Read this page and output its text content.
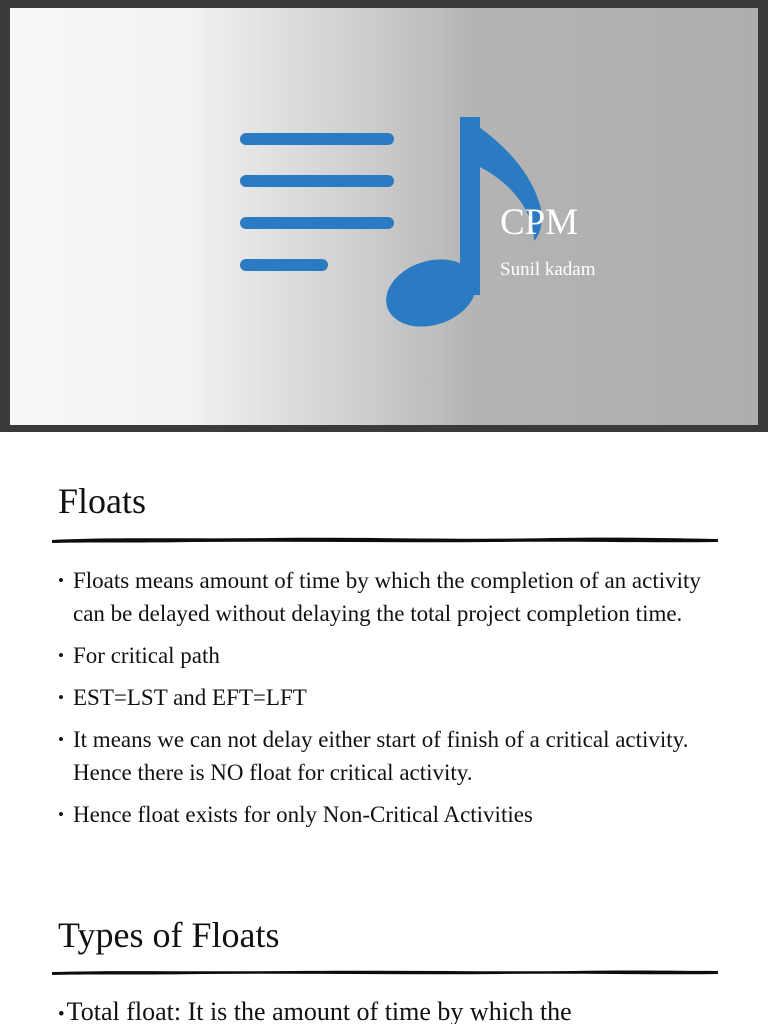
CPM
Sunil kadam
Floats
• Floats means amount of time by which the completion of an activity can be delayed without delaying the total project completion time.
• For critical path
• EST=LST and EFT=LFT
• It means we can not delay either start of finish of a critical activity. Hence there is NO float for critical activity.
• Hence float exists for only Non-Critical Activities
Types of Floats
•Total float: It is the amount of time by which the
